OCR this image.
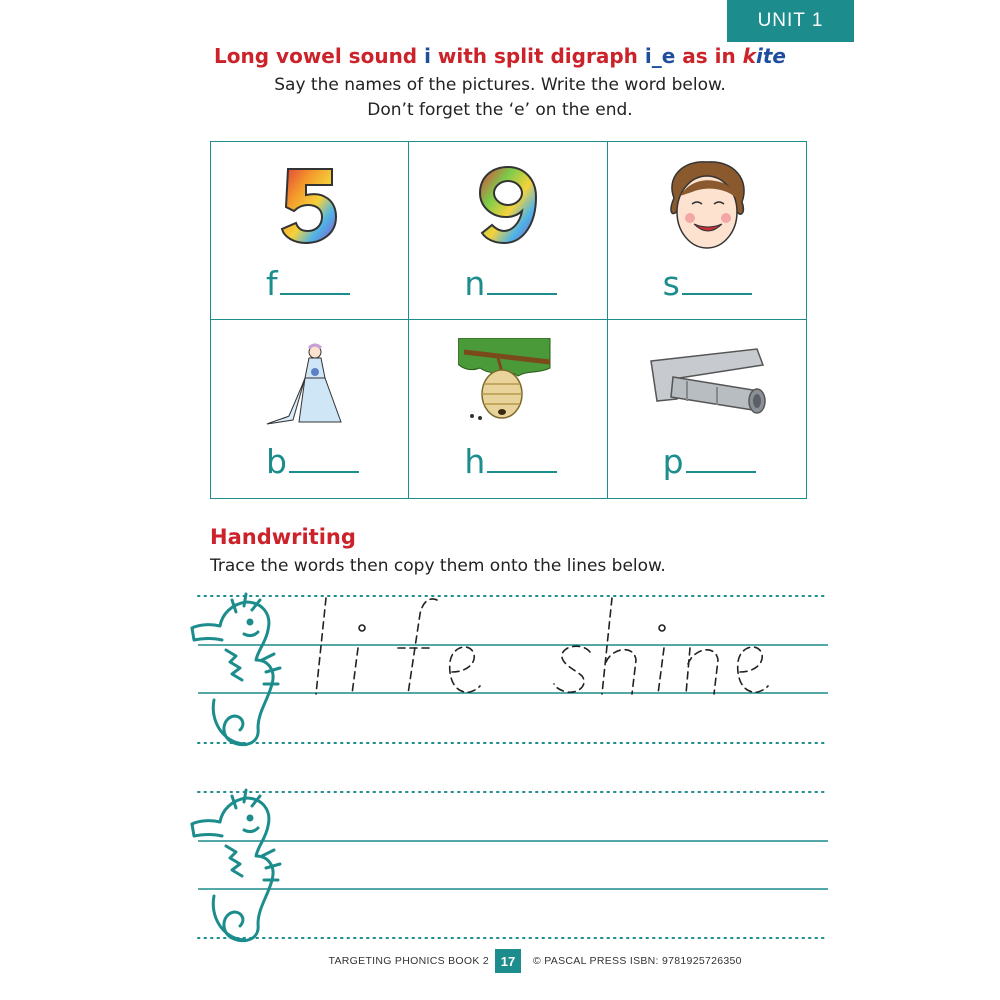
UNIT 1
Long vowel sound i with split digraph i_e as in kite
Say the names of the pictures. Write the word below.
Don’t forget the ‘e’ on the end.
f	n	s
b	h	p
Handwriting
Trace the words then copy them onto the lines below.
TARGETING PHONICS BOOK 2 17	© PASCAL PRESS ISBN: 9781925726350
